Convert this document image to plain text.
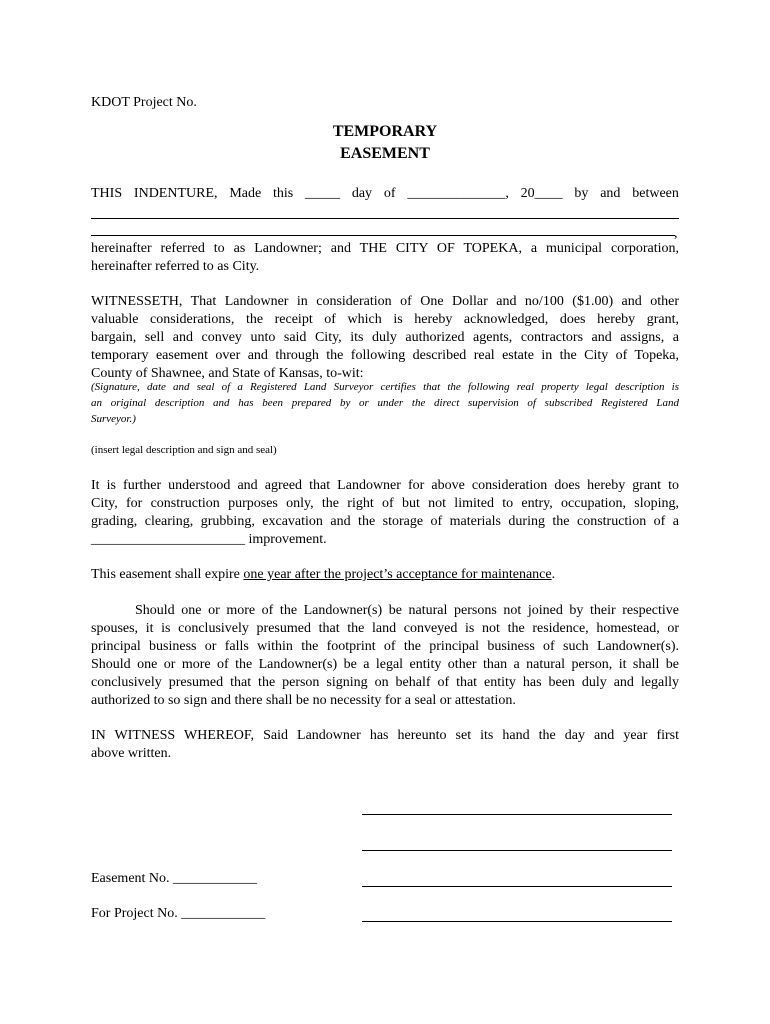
KDOT Project No.
TEMPORARY
EASEMENT
THIS INDENTURE, Made this _____ day of ______________, 20____ by and between
,
hereinafter referred to as Landowner; and THE CITY OF TOPEKA, a municipal corporation,
hereinafter referred to as City.
WITNESSETH, That Landowner in consideration of One Dollar and no/100 ($1.00) and other
valuable considerations, the receipt of which is hereby acknowledged, does hereby grant,
bargain, sell and convey unto said City, its duly authorized agents, contractors and assigns, a
temporary easement over and through the following described real estate in the City of Topeka,
County of Shawnee, and State of Kansas, to-wit:
(Signature, date and seal of a Registered Land Surveyor certifies that the following real property legal description is
an original description and has been prepared by or under the direct supervision of subscribed Registered Land
Surveyor.)
(insert legal description and sign and seal)
It is further understood and agreed that Landowner for above consideration does hereby grant to
City, for construction purposes only, the right of but not limited to entry, occupation, sloping,
grading, clearing, grubbing, excavation and the storage of materials during the construction of a
______________________ improvement.
This easement shall expire one year after the project’s acceptance for maintenance.
Should one or more of the Landowner(s) be natural persons not joined by their respective
spouses, it is conclusively presumed that the land conveyed is not the residence, homestead, or
principal business or falls within the footprint of the principal business of such Landowner(s).
Should one or more of the Landowner(s) be a legal entity other than a natural person, it shall be
conclusively presumed that the person signing on behalf of that entity has been duly and legally
authorized to so sign and there shall be no necessity for a seal or attestation.
IN WITNESS WHEREOF, Said Landowner has hereunto set its hand the day and year first
above written.
Easement No. ____________
For Project No. ____________
